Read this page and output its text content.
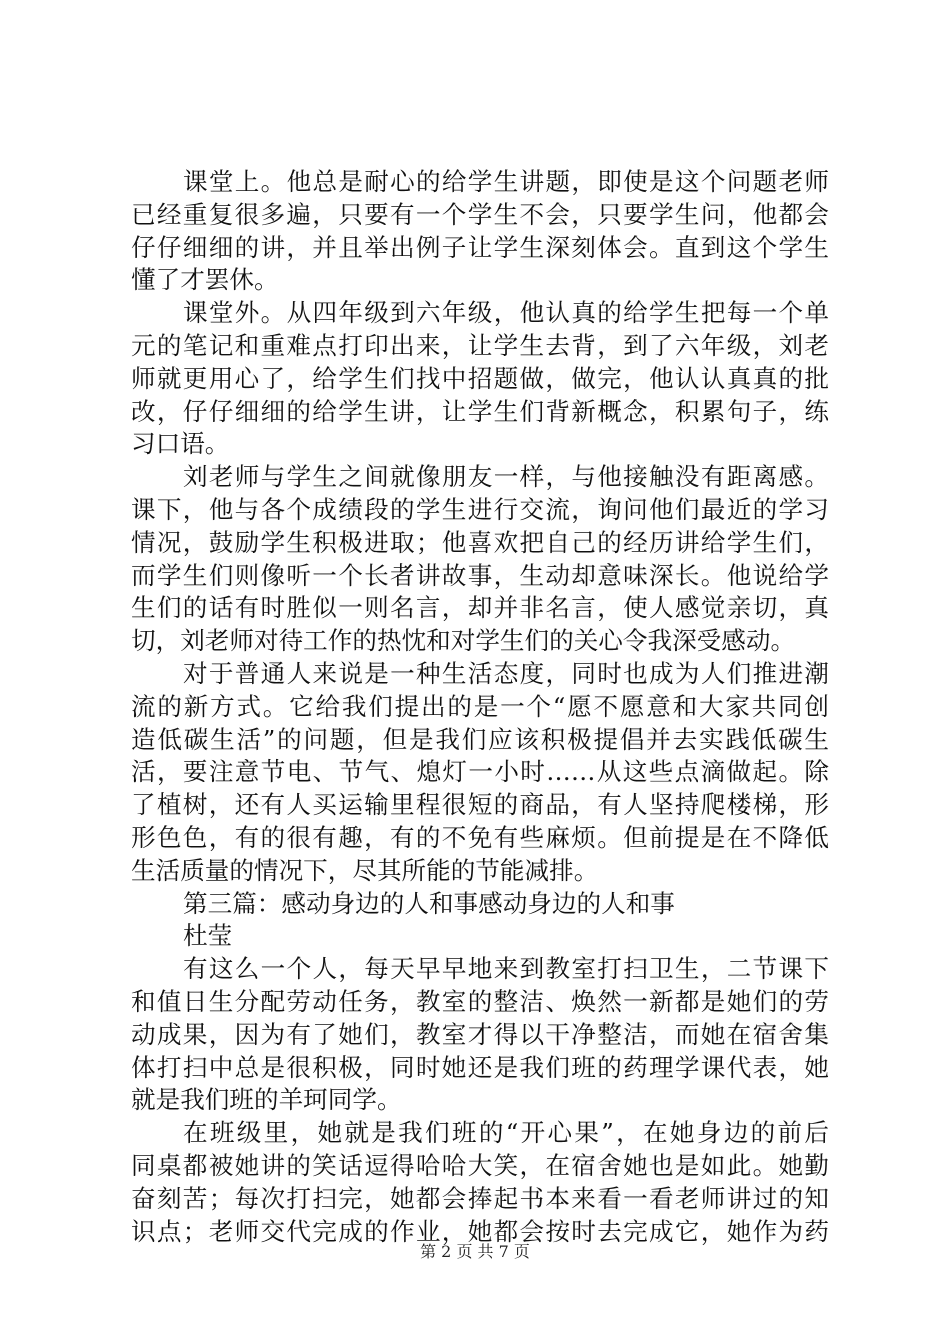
课堂上。他总是耐心的给学生讲题，即使是这个问题老师
已经重复很多遍，只要有一个学生不会，只要学生问，他都会
仔仔细细的讲，并且举出例子让学生深刻体会。直到这个学生
懂了才罢休。
课堂外。从四年级到六年级，他认真的给学生把每一个单
元的笔记和重难点打印出来，让学生去背，到了六年级，刘老
师就更用心了，给学生们找中招题做，做完，他认认真真的批
改，仔仔细细的给学生讲，让学生们背新概念，积累句子，练
习口语。
刘老师与学生之间就像朋友一样，与他接触没有距离感。
课下，他与各个成绩段的学生进行交流，询问他们最近的学习
情况，鼓励学生积极进取；他喜欢把自己的经历讲给学生们，
而学生们则像听一个长者讲故事，生动却意味深长。他说给学
生们的话有时胜似一则名言，却并非名言，使人感觉亲切，真
切，刘老师对待工作的热忱和对学生们的关心令我深受感动。
对于普通人来说是一种生活态度，同时也成为人们推进潮
流的新方式。它给我们提出的是一个“愿不愿意和大家共同创
造低碳生活”的问题，但是我们应该积极提倡并去实践低碳生
活，要注意节电、节气、熄灯一小时……从这些点滴做起。除
了植树，还有人买运输里程很短的商品，有人坚持爬楼梯，形
形色色，有的很有趣，有的不免有些麻烦。但前提是在不降低
生活质量的情况下，尽其所能的节能减排。
第三篇：感动身边的人和事感动身边的人和事
杜莹
有这么一个人，每天早早地来到教室打扫卫生，二节课下
和值日生分配劳动任务，教室的整洁、焕然一新都是她们的劳
动成果，因为有了她们，教室才得以干净整洁，而她在宿舍集
体打扫中总是很积极，同时她还是我们班的药理学课代表，她
就是我们班的羊珂同学。
在班级里，她就是我们班的“开心果”，在她身边的前后
同桌都被她讲的笑话逗得哈哈大笑，在宿舍她也是如此。她勤
奋刻苦；每次打扫完，她都会捧起书本来看一看老师讲过的知
识点；老师交代完成的作业，她都会按时去完成它，她作为药
第 2 页 共 7 页
